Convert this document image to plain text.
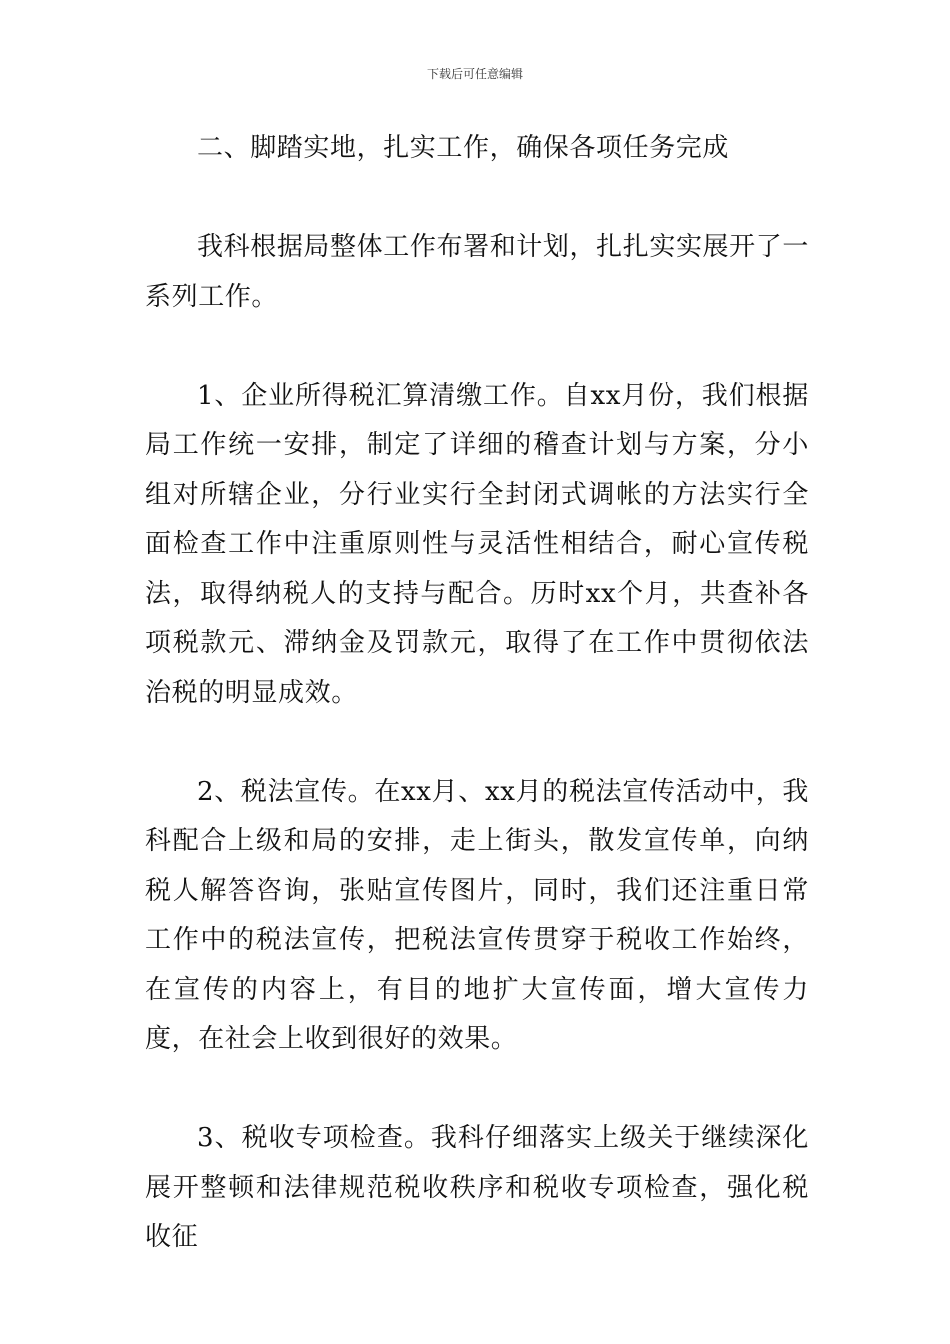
下载后可任意编辑

二、脚踏实地，扎实工作，确保各项任务完成

我科根据局整体工作布署和计划，扎扎实实展开了一系列工作。

1、企业所得税汇算清缴工作。自xx月份，我们根据局工作统一安排，制定了详细的稽查计划与方案，分小组对所辖企业，分行业实行全封闭式调帐的方法实行全面检查工作中注重原则性与灵活性相结合，耐心宣传税法，取得纳税人的支持与配合。历时xx个月，共查补各项税款元、滞纳金及罚款元，取得了在工作中贯彻依法治税的明显成效。

2、税法宣传。在xx月、xx月的税法宣传活动中，我科配合上级和局的安排，走上街头，散发宣传单，向纳税人解答咨询，张贴宣传图片，同时，我们还注重日常工作中的税法宣传，把税法宣传贯穿于税收工作始终，在宣传的内容上，有目的地扩大宣传面，增大宣传力度，在社会上收到很好的效果。

3、税收专项检查。我科仔细落实上级关于继续深化展开整顿和法律规范税收秩序和税收专项检查，强化税收征
